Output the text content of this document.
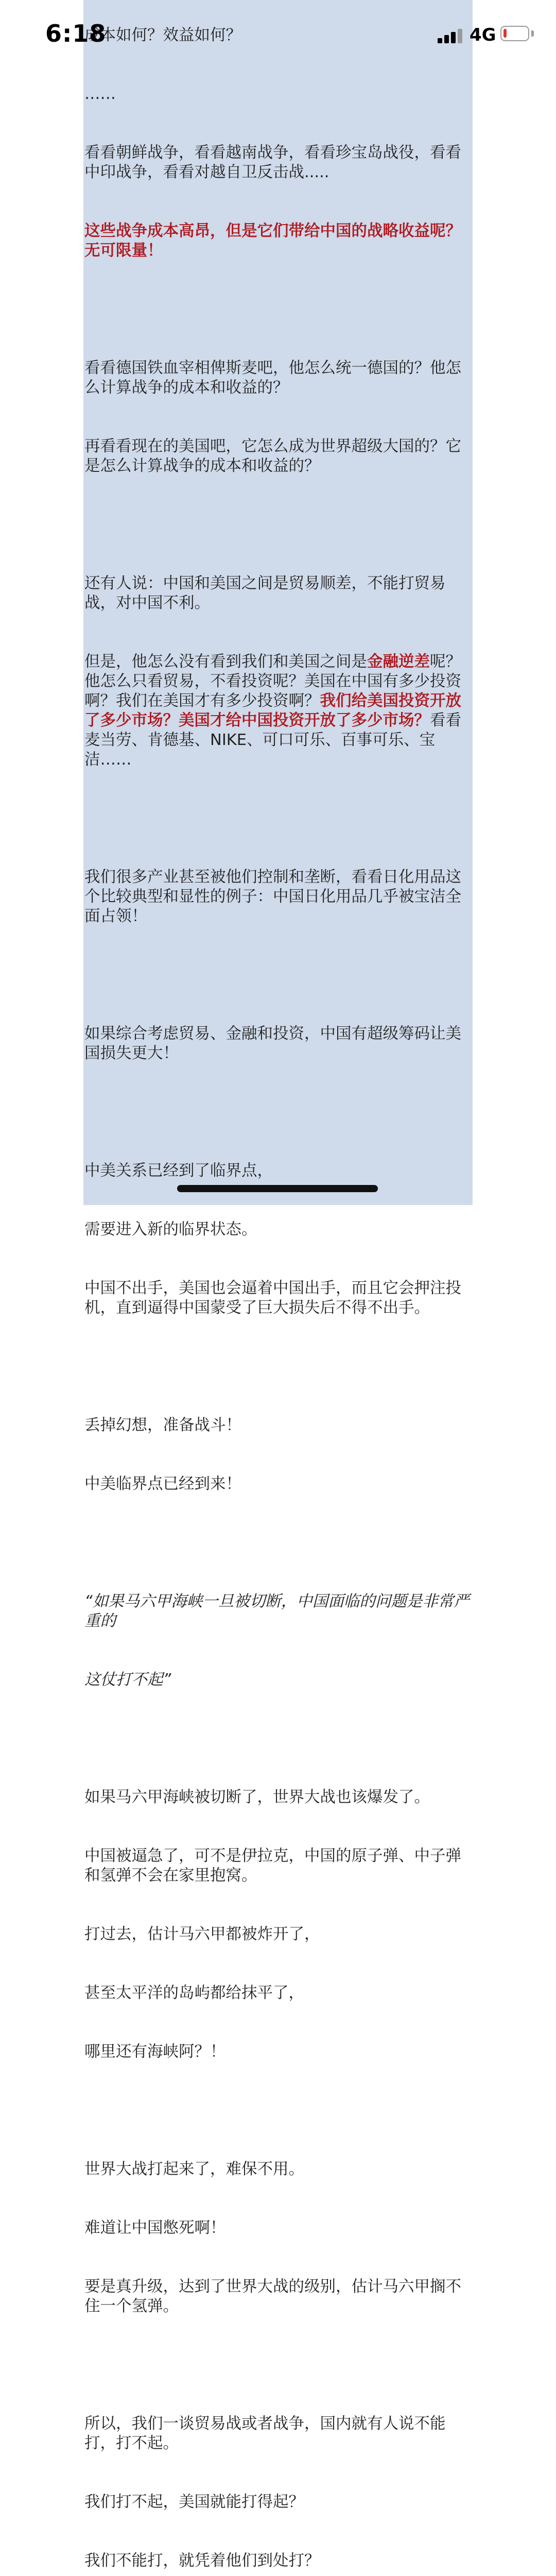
成本如何？效益如何？

……

看看朝鲜战争，看看越南战争，看看珍宝岛战役，看看中印战争，看看对越自卫反击战.....

这些战争成本高昂，但是它们带给中国的战略收益呢？无可限量！

看看德国铁血宰相俾斯麦吧，他怎么统一德国的？他怎么计算战争的成本和收益的？

再看看现在的美国吧，它怎么成为世界超级大国的？它是怎么计算战争的成本和收益的？

还有人说：中国和美国之间是贸易顺差，不能打贸易战，对中国不利。

但是，他怎么没有看到我们和美国之间是金融逆差呢？他怎么只看贸易，不看投资呢？美国在中国有多少投资啊？我们在美国才有多少投资啊？我们给美国投资开放了多少市场？美国才给中国投资开放了多少市场？看看麦当劳、肯德基、NIKE、可口可乐、百事可乐、宝洁……

我们很多产业甚至被他们控制和垄断，看看日化用品这个比较典型和显性的例子：中国日化用品几乎被宝洁全面占领！

如果综合考虑贸易、金融和投资，中国有超级筹码让美国损失更大！

中美关系已经到了临界点，

需要进入新的临界状态。

中国不出手，美国也会逼着中国出手，而且它会押注投机，直到逼得中国蒙受了巨大损失后不得不出手。

丢掉幻想，准备战斗！

中美临界点已经到来！

“如果马六甲海峡一旦被切断，中国面临的问题是非常严重的

这仗打不起”

如果马六甲海峡被切断了，世界大战也该爆发了。

中国被逼急了，可不是伊拉克，中国的原子弹、中子弹和氢弹不会在家里抱窝。

打过去，估计马六甲都被炸开了，

甚至太平洋的岛屿都给抹平了，

哪里还有海峡阿？！

世界大战打起来了，难保不用。

难道让中国憋死啊！

要是真升级，达到了世界大战的级别，估计马六甲搁不住一个氢弹。

所以，我们一谈贸易战或者战争，国内就有人说不能打，打不起。

我们打不起，美国就能打得起？

我们不能打，就凭着他们到处打？

6:18	4G
